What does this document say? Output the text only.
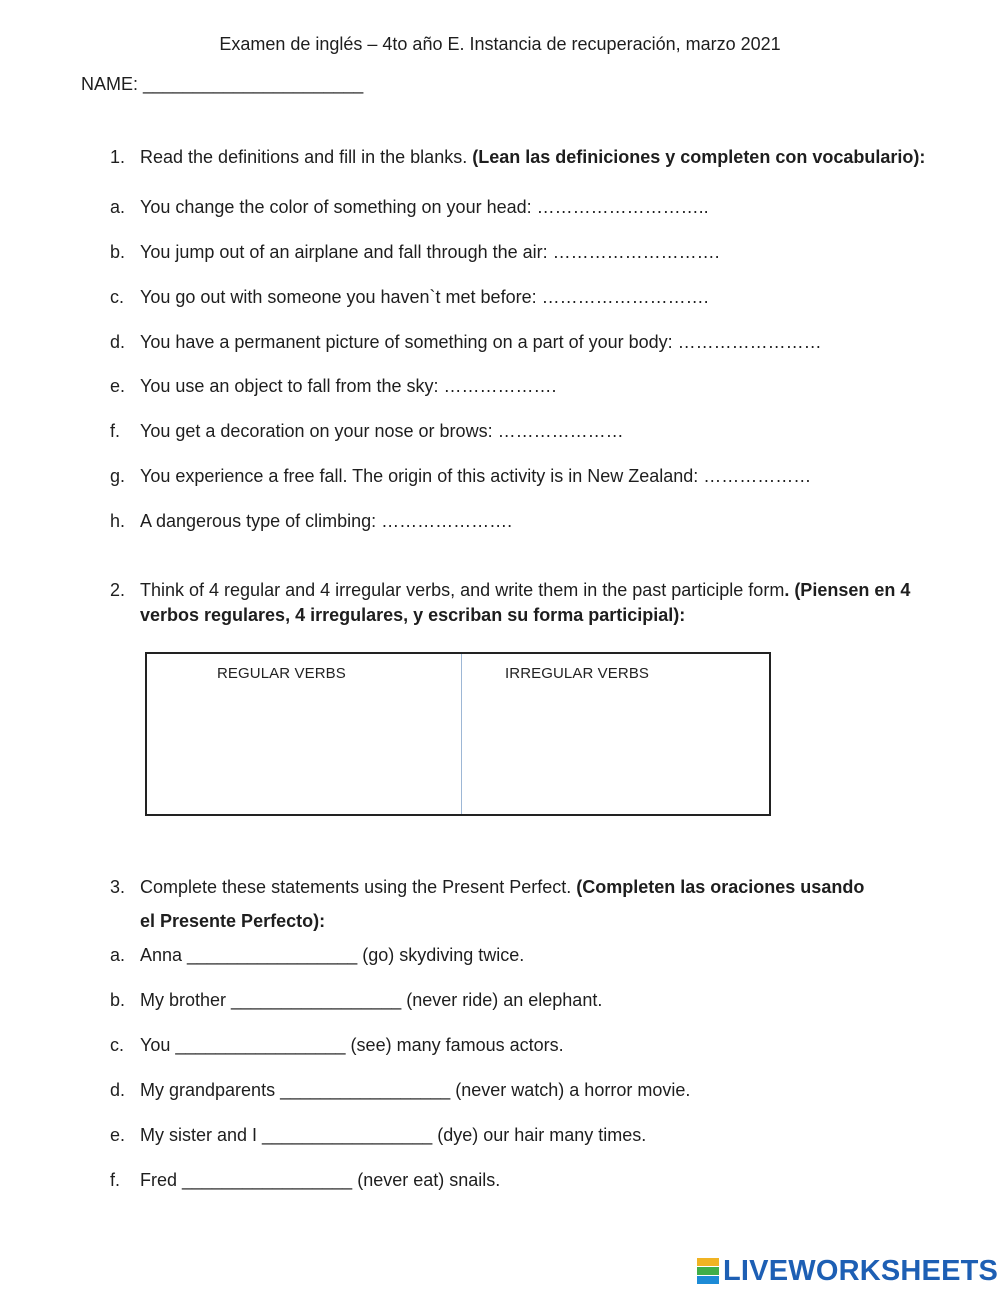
Examen de inglés – 4to año E. Instancia de recuperación, marzo 2021
NAME: ______________________
1. Read the definitions and fill in the blanks. (Lean las definiciones y completen con vocabulario):
a. You change the color of something on your head: ………………………..
b. You jump out of an airplane and fall through the air: ……………………….
c. You go out with someone you haven`t met before: ……………………….
d. You have a permanent picture of something on a part of your body: ……………………
e. You use an object to fall from the sky: ……………….
f.	You get a decoration on your nose or brows: …………………
g. You experience a free fall. The origin of this activity is in New Zealand: ………………
h. A dangerous type of climbing: ………………….
2. Think of 4 regular and 4 irregular verbs, and write them in the past participle form. (Piensen en 4 verbos regulares, 4 irregulares, y escriban su forma participial):
REGULAR VERBS	IRREGULAR VERBS
3. Complete these statements using the Present Perfect. (Completen las oraciones usando
el Presente Perfecto):
a. Anna _________________ (go) skydiving twice.
b. My brother _________________ (never ride) an elephant.
c. You _________________ (see) many famous actors.
d. My grandparents _________________ (never watch) a horror movie.
e. My sister and I _________________ (dye) our hair many times.
f.	Fred _________________ (never eat) snails.
LIVEWORKSHEETS
